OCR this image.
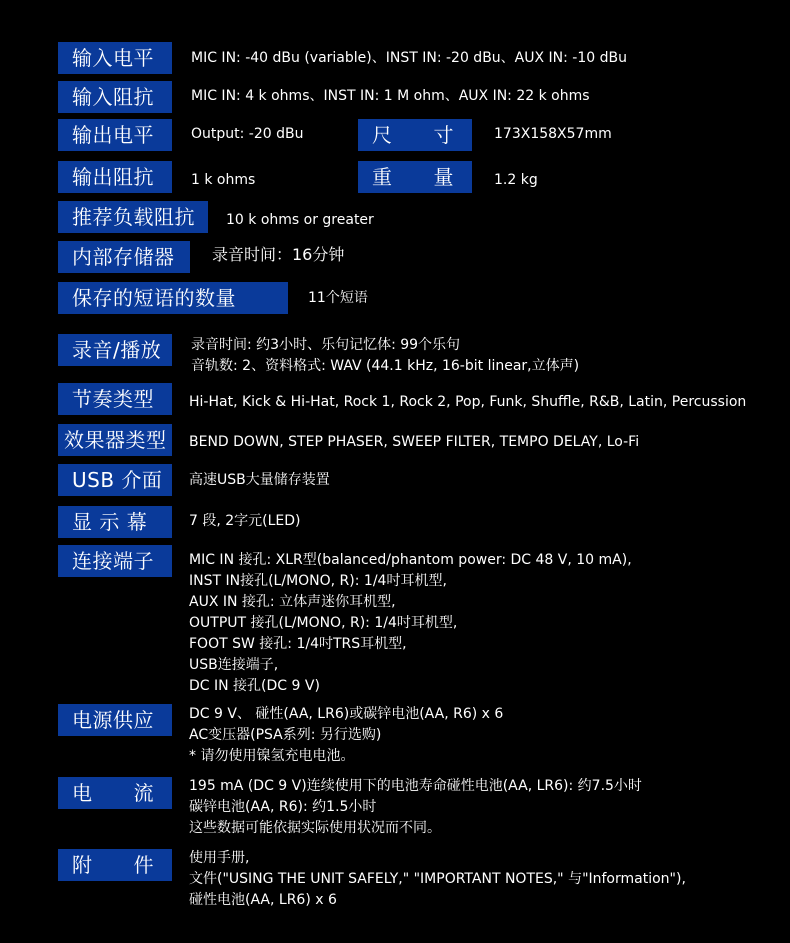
输入电平	MIC IN: -40 dBu (variable)、INST IN: -20 dBu、AUX IN: -10 dBu
输入阻抗	MIC IN: 4 k ohms、INST IN: 1 M ohm、AUX IN: 22 k ohms
输出电平	Output: -20 dBu	尺　　寸	173X158X57mm
输出阻抗	1 k ohms	重　　量	1.2 kg
推荐负载阻抗	10 k ohms or greater
内部存储器	录音时间：16分钟
保存的短语的数量	11个短语
录音/播放	录音时间: 约3小时、乐句记忆体: 99个乐句
音轨数: 2、资料格式: WAV (44.1 kHz, 16-bit linear,立体声)
节奏类型	Hi-Hat, Kick & Hi-Hat, Rock 1, Rock 2, Pop, Funk, Shuffle, R&B, Latin, Percussion
效果器类型	BEND DOWN, STEP PHASER, SWEEP FILTER, TEMPO DELAY, Lo-Fi
USB 介面	高速USB大量储存装置
显 示 幕	7 段, 2字元(LED)
连接端子	MIC IN 接孔: XLR型(balanced/phantom power: DC 48 V, 10 mA),
INST IN接孔(L/MONO, R): 1/4吋耳机型,
AUX IN 接孔: 立体声迷你耳机型,
OUTPUT 接孔(L/MONO, R): 1/4吋耳机型,
FOOT SW 接孔: 1/4吋TRS耳机型,
USB连接端子,
DC IN 接孔(DC 9 V)
电源供应	DC 9 V、 碰性(AA, LR6)或碳锌电池(AA, R6) x 6
AC变压器(PSA系列: 另行选购)
* 请勿使用镍氢充电电池。
电　　流	195 mA (DC 9 V)连续使用下的电池寿命碰性电池(AA, LR6): 约7.5小时
碳锌电池(AA, R6): 约1.5小时
这些数据可能依据实际使用状况而不同。
附　　件	使用手册,
文件("USING THE UNIT SAFELY," "IMPORTANT NOTES," 与"Information"),
碰性电池(AA, LR6) x 6
